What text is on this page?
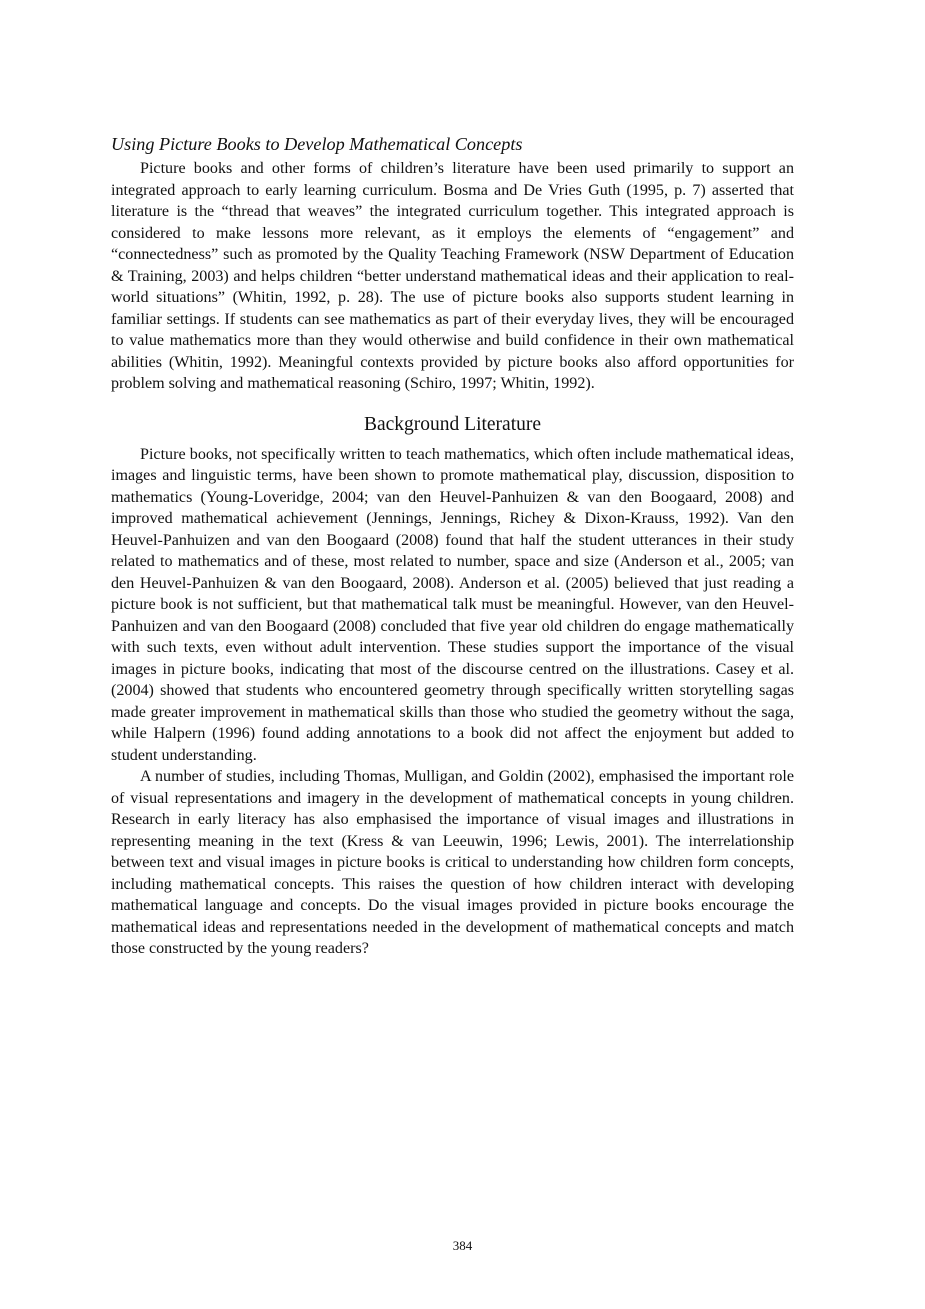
Using Picture Books to Develop Mathematical Concepts

Picture books and other forms of children’s literature have been used primarily to support an integrated approach to early learning curriculum. Bosma and De Vries Guth (1995, p. 7) asserted that literature is the “thread that weaves” the integrated curriculum together. This integrated approach is considered to make lessons more relevant, as it employs the elements of “engagement” and “connectedness” such as promoted by the Quality Teaching Framework (NSW Department of Education & Training, 2003) and helps children “better understand mathematical ideas and their application to real-world situations” (Whitin, 1992, p. 28). The use of picture books also supports student learning in familiar settings. If students can see mathematics as part of their everyday lives, they will be encouraged to value mathematics more than they would otherwise and build confidence in their own mathematical abilities (Whitin, 1992). Meaningful contexts provided by picture books also afford opportunities for problem solving and mathematical reasoning (Schiro, 1997; Whitin, 1992).

Background Literature

Picture books, not specifically written to teach mathematics, which often include mathematical ideas, images and linguistic terms, have been shown to promote mathematical play, discussion, disposition to mathematics (Young-Loveridge, 2004; van den Heuvel-Panhuizen & van den Boogaard, 2008) and improved mathematical achievement (Jennings, Jennings, Richey & Dixon-Krauss, 1992). Van den Heuvel-Panhuizen and van den Boogaard (2008) found that half the student utterances in their study related to mathematics and of these, most related to number, space and size (Anderson et al., 2005; van den Heuvel-Panhuizen & van den Boogaard, 2008). Anderson et al. (2005) believed that just reading a picture book is not sufficient, but that mathematical talk must be meaningful. However, van den Heuvel-Panhuizen and van den Boogaard (2008) concluded that five year old children do engage mathematically with such texts, even without adult intervention. These studies support the importance of the visual images in picture books, indicating that most of the discourse centred on the illustrations. Casey et al. (2004) showed that students who encountered geometry through specifically written storytelling sagas made greater improvement in mathematical skills than those who studied the geometry without the saga, while Halpern (1996) found adding annotations to a book did not affect the enjoyment but added to student understanding.

A number of studies, including Thomas, Mulligan, and Goldin (2002), emphasised the important role of visual representations and imagery in the development of mathematical concepts in young children. Research in early literacy has also emphasised the importance of visual images and illustrations in representing meaning in the text (Kress & van Leeuwin, 1996; Lewis, 2001). The interrelationship between text and visual images in picture books is critical to understanding how children form concepts, including mathematical concepts. This raises the question of how children interact with developing mathematical language and concepts. Do the visual images provided in picture books encourage the mathematical ideas and representations needed in the development of mathematical concepts and match those constructed by the young readers?

384
